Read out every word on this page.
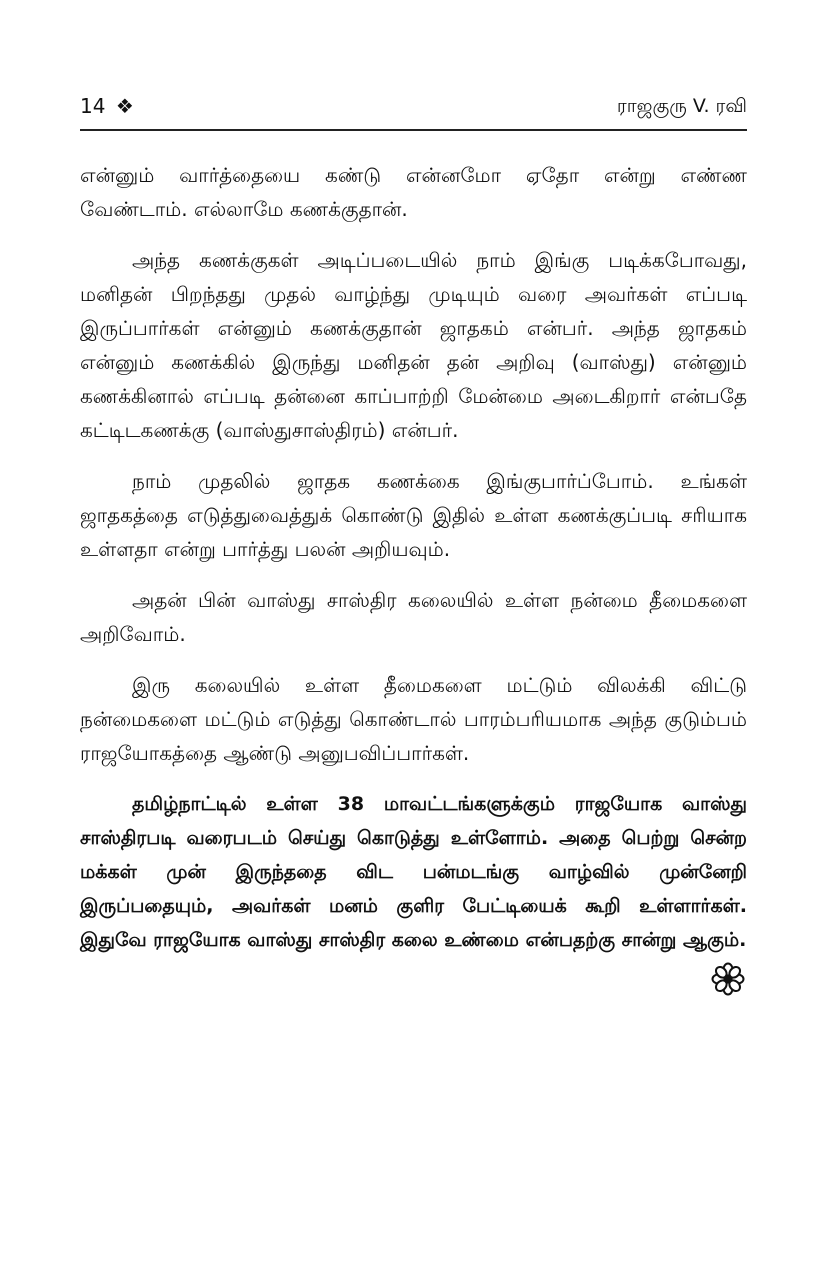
14 ❖	ராஜகுரு V. ரவி

என்னும் வார்த்தையை கண்டு என்னமோ ஏதோ என்று எண்ண வேண்டாம். எல்லாமே கணக்குதான்.

அந்த கணக்குகள் அடிப்படையில் நாம் இங்கு படிக்கபோவது, மனிதன் பிறந்தது முதல் வாழ்ந்து முடியும் வரை அவர்கள் எப்படி இருப்பார்கள் என்னும் கணக்குதான் ஜாதகம் என்பர். அந்த ஜாதகம் என்னும் கணக்கில் இருந்து மனிதன் தன் அறிவு (வாஸ்து) என்னும் கணக்கினால் எப்படி தன்னை காப்பாற்றி மேன்மை அடைகிறார் என்பதே கட்டிடகணக்கு (வாஸ்துசாஸ்திரம்) என்பர்.

நாம் முதலில் ஜாதக கணக்கை இங்குபார்ப்போம். உங்கள் ஜாதகத்தை எடுத்துவைத்துக் கொண்டு இதில் உள்ள கணக்குப்படி சரியாக உள்ளதா என்று பார்த்து பலன் அறியவும்.

அதன் பின் வாஸ்து சாஸ்திர கலையில் உள்ள நன்மை தீமைகளை அறிவோம்.

இரு கலையில் உள்ள தீமைகளை மட்டும் விலக்கி விட்டு நன்மைகளை மட்டும் எடுத்து கொண்டால் பாரம்பரியமாக அந்த குடும்பம் ராஜயோகத்தை ஆண்டு அனுபவிப்பார்கள்.

தமிழ்நாட்டில் உள்ள 38 மாவட்டங்களுக்கும் ராஜயோக வாஸ்து சாஸ்திரபடி வரைபடம் செய்து கொடுத்து உள்ளோம். அதை பெற்று சென்ற மக்கள் முன் இருந்ததை விட பன்மடங்கு வாழ்வில் முன்னேறி இருப்பதையும், அவர்கள் மனம் குளிர பேட்டியைக் கூறி உள்ளார்கள். இதுவே ராஜயோக வாஸ்து சாஸ்திர கலை உண்மை என்பதற்கு சான்று ஆகும்.
